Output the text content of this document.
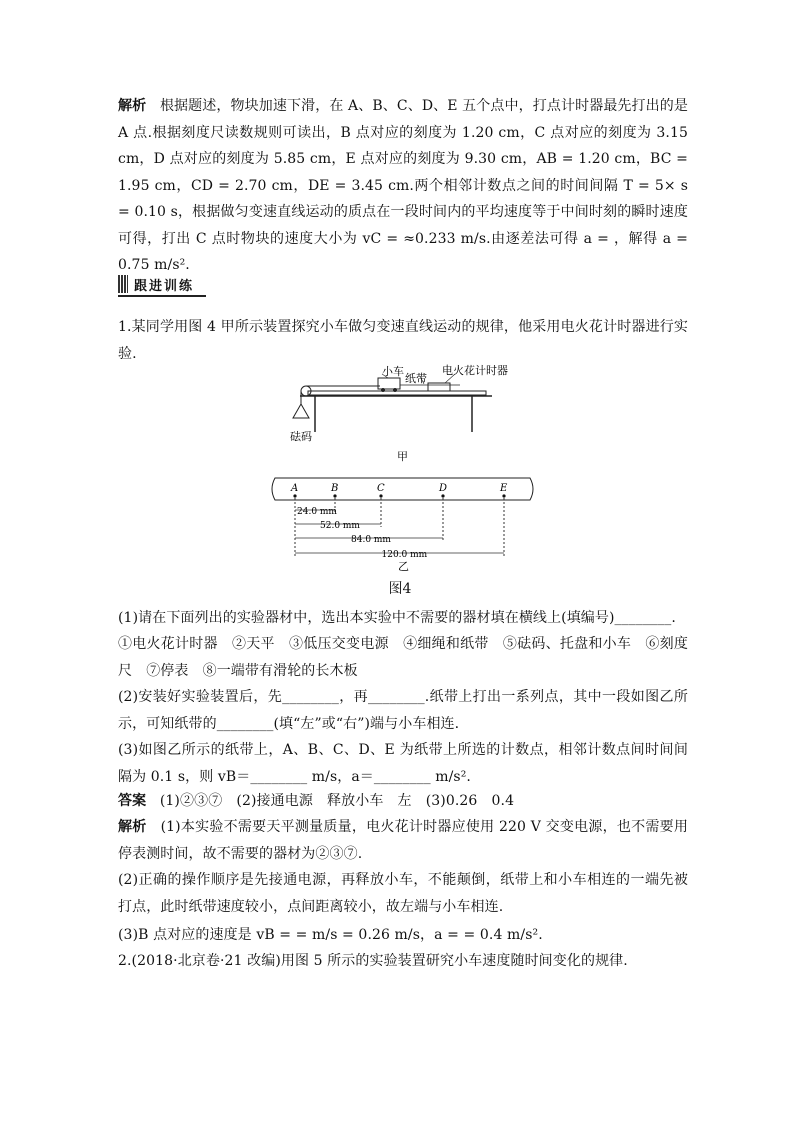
解析 根据题述，物块加速下滑，在 A、B、C、D、E 五个点中，打点计时器最先打出的是 A 点.根据刻度尺读数规则可读出，B 点对应的刻度为 1.20 cm，C 点对应的刻度为 3.15 cm，D 点对应的刻度为 5.85 cm，E 点对应的刻度为 9.30 cm，AB = 1.20 cm，BC = 1.95 cm，CD = 2.70 cm，DE = 3.45 cm.两个相邻计数点之间的时间间隔 T = 5× s = 0.10 s，根据做匀变速直线运动的质点在一段时间内的平均速度等于中间时刻的瞬时速度可得，打出 C 点时物块的速度大小为 vC = ≈0.233 m/s.由逐差法可得 a = ，解得 a = 0.75 m/s².
跟进训练
1.某同学用图 4 甲所示装置探究小车做匀变速直线运动的规律，他采用电火花计时器进行实验.
小车
纸带
电火花计时器
砝码
甲
A	B	C	D	E
24.0 mm
52.0 mm
84.0 mm
120.0 mm
乙
图4
(1)请在下面列出的实验器材中，选出本实验中不需要的器材填在横线上(填编号)________.
①电火花计时器　②天平　③低压交变电源　④细绳和纸带　⑤砝码、托盘和小车　⑥刻度尺　⑦停表　⑧一端带有滑轮的长木板
(2)安装好实验装置后，先________，再________.纸带上打出一系列点，其中一段如图乙所示，可知纸带的________(填“左”或“右”)端与小车相连.
(3)如图乙所示的纸带上，A、B、C、D、E 为纸带上所选的计数点，相邻计数点间时间间隔为 0.1 s，则 vB＝________ m/s，a＝________ m/s².
答案 (1)②③⑦　(2)接通电源　释放小车　左　(3)0.26　0.4
解析 (1)本实验不需要天平测量质量，电火花计时器应使用 220 V 交变电源，也不需要用停表测时间，故不需要的器材为②③⑦.
(2)正确的操作顺序是先接通电源，再释放小车，不能颠倒，纸带上和小车相连的一端先被打点，此时纸带速度较小，点间距离较小，故左端与小车相连.
(3)B 点对应的速度是 vB = = m/s = 0.26 m/s，a = = 0.4 m/s².
2.(2018·北京卷·21 改编)用图 5 所示的实验装置研究小车速度随时间变化的规律.
